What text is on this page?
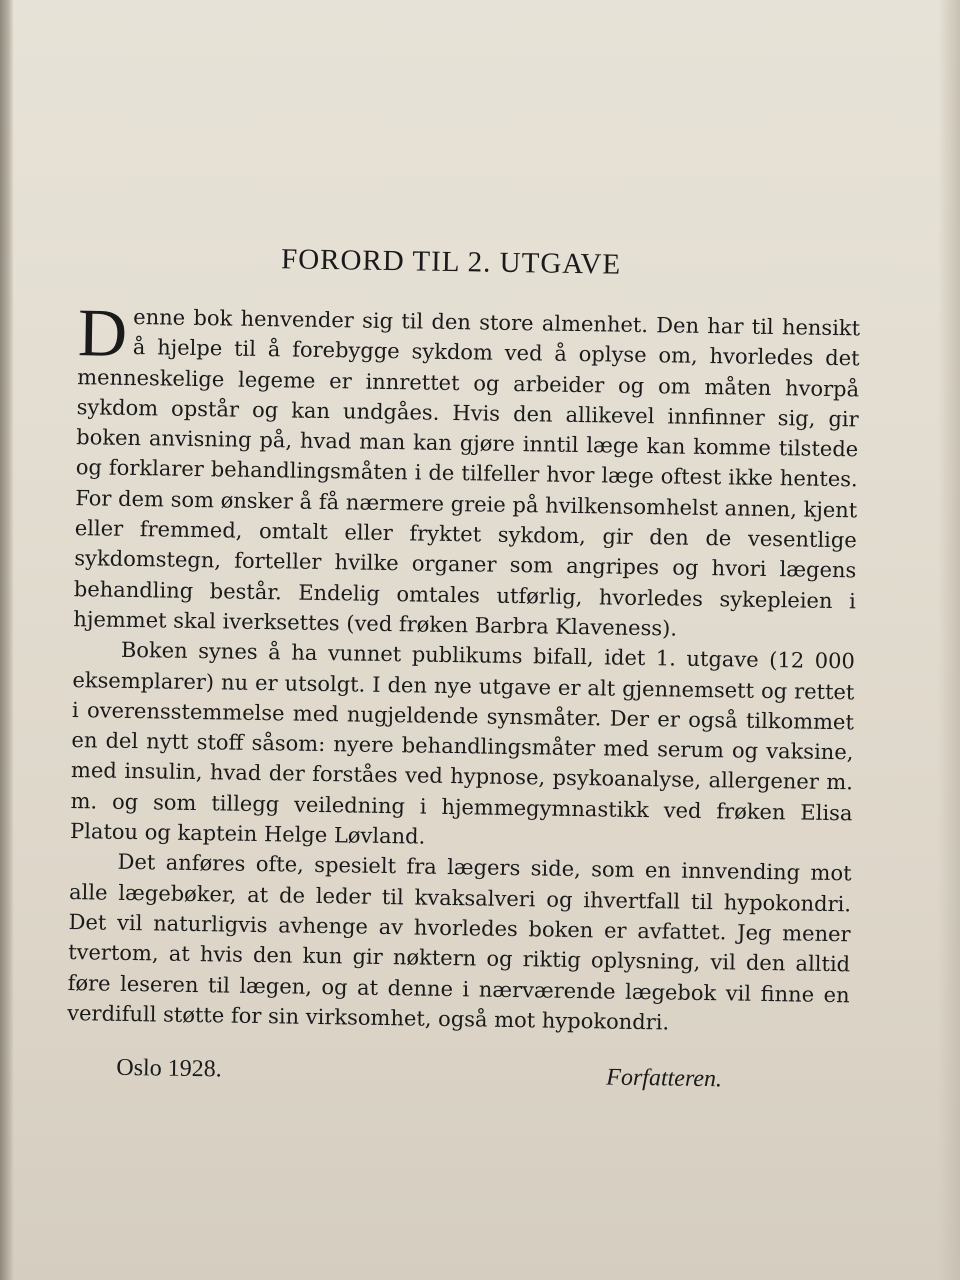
FORORD TIL 2. UTGAVE

Denne bok henvender sig til den store almenhet. Den har til hensikt å hjelpe til å forebygge sykdom ved å oplyse om, hvorledes det menneskelige legeme er innrettet og arbeider og om måten hvorpå sykdom opstår og kan undgåes. Hvis den allikevel innfinner sig, gir boken anvisning på, hvad man kan gjøre inntil læge kan komme tilstede og forklarer behandlingsmåten i de tilfeller hvor læge oftest ikke hentes. For dem som ønsker å få nærmere greie på hvilkensomhelst annen, kjent eller fremmed, omtalt eller fryktet sykdom, gir den de vesentlige sykdomstegn, forteller hvilke organer som angripes og hvori lægens behandling består. Endelig omtales utførlig, hvorledes sykepleien i hjemmet skal iverksettes (ved frøken Barbra Klaveness).

Boken synes å ha vunnet publikums bifall, idet 1. utgave (12 000 eksemplarer) nu er utsolgt. I den nye utgave er alt gjennemsett og rettet i overensstemmelse med nugjeldende synsmåter. Der er også tilkommet en del nytt stoff såsom: nyere behandlingsmåter med serum og vaksine, med insulin, hvad der forståes ved hypnose, psykoanalyse, allergener m. m. og som tillegg veiledning i hjemmegymnastikk ved frøken Elisa Platou og kaptein Helge Løvland.

Det anføres ofte, spesielt fra lægers side, som en innvending mot alle lægebøker, at de leder til kvaksalveri og ihvertfall til hypokondri. Det vil naturligvis avhenge av hvorledes boken er avfattet. Jeg mener tvertom, at hvis den kun gir nøktern og riktig oplysning, vil den alltid føre leseren til lægen, og at denne i nærværende lægebok vil finne en verdifull støtte for sin virksomhet, også mot hypokondri.

Oslo 1928.	Forfatteren.
